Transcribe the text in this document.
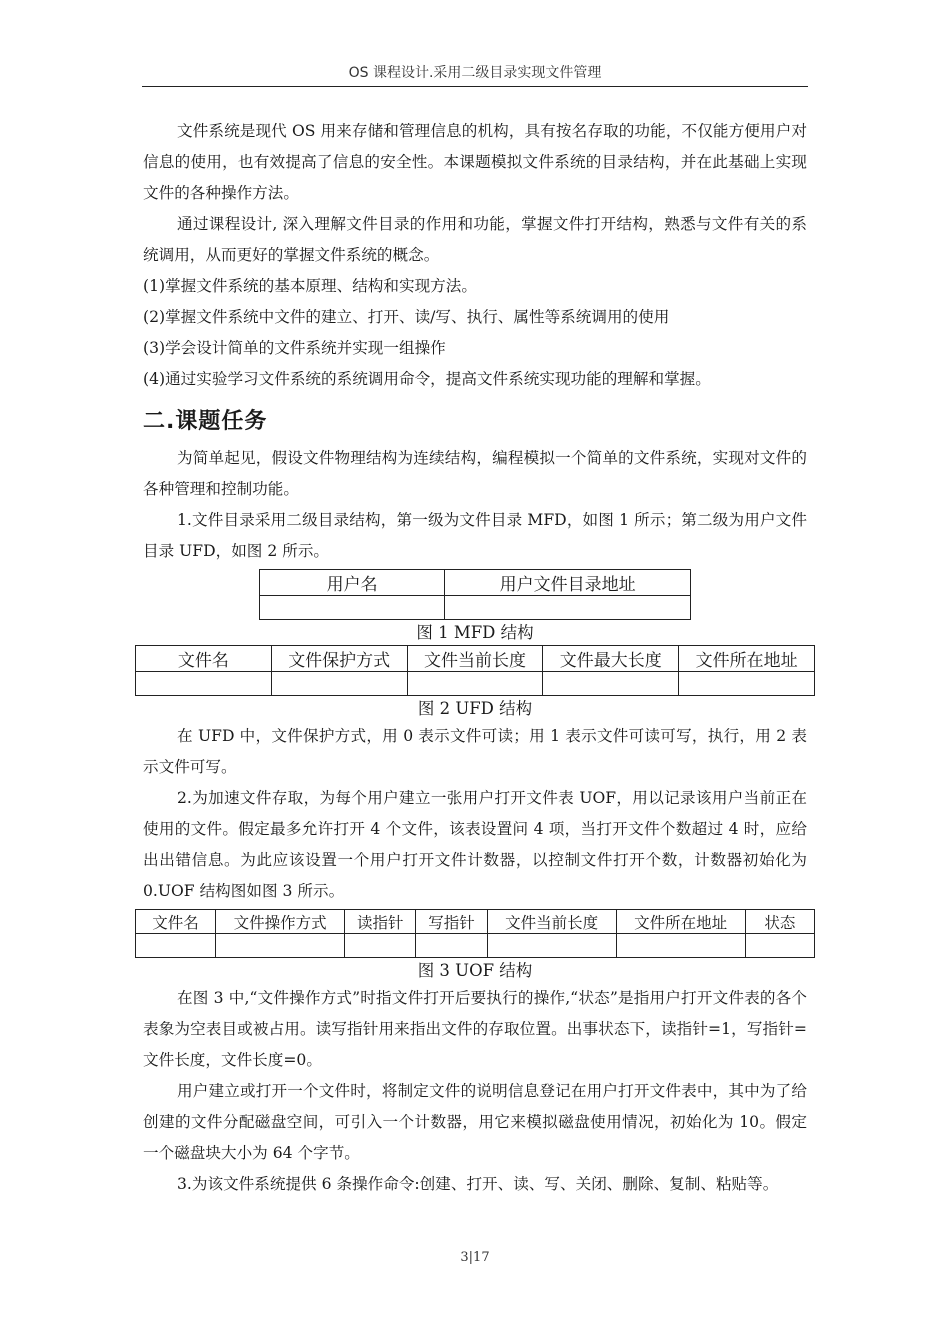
OS 课程设计.采用二级目录实现文件管理

文件系统是现代 OS 用来存储和管理信息的机构，具有按名存取的功能，不仅能方便用户对信息的使用，也有效提高了信息的安全性。本课题模拟文件系统的目录结构，并在此基础上实现文件的各种操作方法。

通过课程设计, 深入理解文件目录的作用和功能，掌握文件打开结构，熟悉与文件有关的系统调用，从而更好的掌握文件系统的概念。

(1)掌握文件系统的基本原理、结构和实现方法。

(2)掌握文件系统中文件的建立、打开、读/写、执行、属性等系统调用的使用

(3)学会设计简单的文件系统并实现一组操作

(4)通过实验学习文件系统的系统调用命令，提高文件系统实现功能的理解和掌握。

二.课题任务

为简单起见，假设文件物理结构为连续结构，编程模拟一个简单的文件系统，实现对文件的各种管理和控制功能。

1.文件目录采用二级目录结构，第一级为文件目录 MFD，如图 1 所示；第二级为用户文件目录 UFD，如图 2 所示。

用户名	用户文件目录地址

图 1 MFD 结构

文件名	文件保护方式	文件当前长度	文件最大长度	文件所在地址

图 2 UFD 结构

在 UFD 中，文件保护方式，用 0 表示文件可读；用 1 表示文件可读可写，执行，用 2 表示文件可写。

2.为加速文件存取，为每个用户建立一张用户打开文件表 UOF，用以记录该用户当前正在使用的文件。假定最多允许打开 4 个文件，该表设置问 4 项，当打开文件个数超过 4 时，应给出出错信息。为此应该设置一个用户打开文件计数器，以控制文件打开个数，计数器初始化为 0.UOF 结构图如图 3 所示。

文件名	文件操作方式	读指针	写指针	文件当前长度	文件所在地址	状态

图 3 UOF 结构

在图 3 中,“文件操作方式”时指文件打开后要执行的操作,“状态”是指用户打开文件表的各个表象为空表目或被占用。读写指针用来指出文件的存取位置。出事状态下，读指针=1，写指针=文件长度，文件长度=0。

用户建立或打开一个文件时，将制定文件的说明信息登记在用户打开文件表中，其中为了给创建的文件分配磁盘空间，可引入一个计数器，用它来模拟磁盘使用情况，初始化为 10。假定一个磁盘块大小为 64 个字节。

3.为该文件系统提供 6 条操作命令:创建、打开、读、写、关闭、删除、复制、粘贴等。

3|17
